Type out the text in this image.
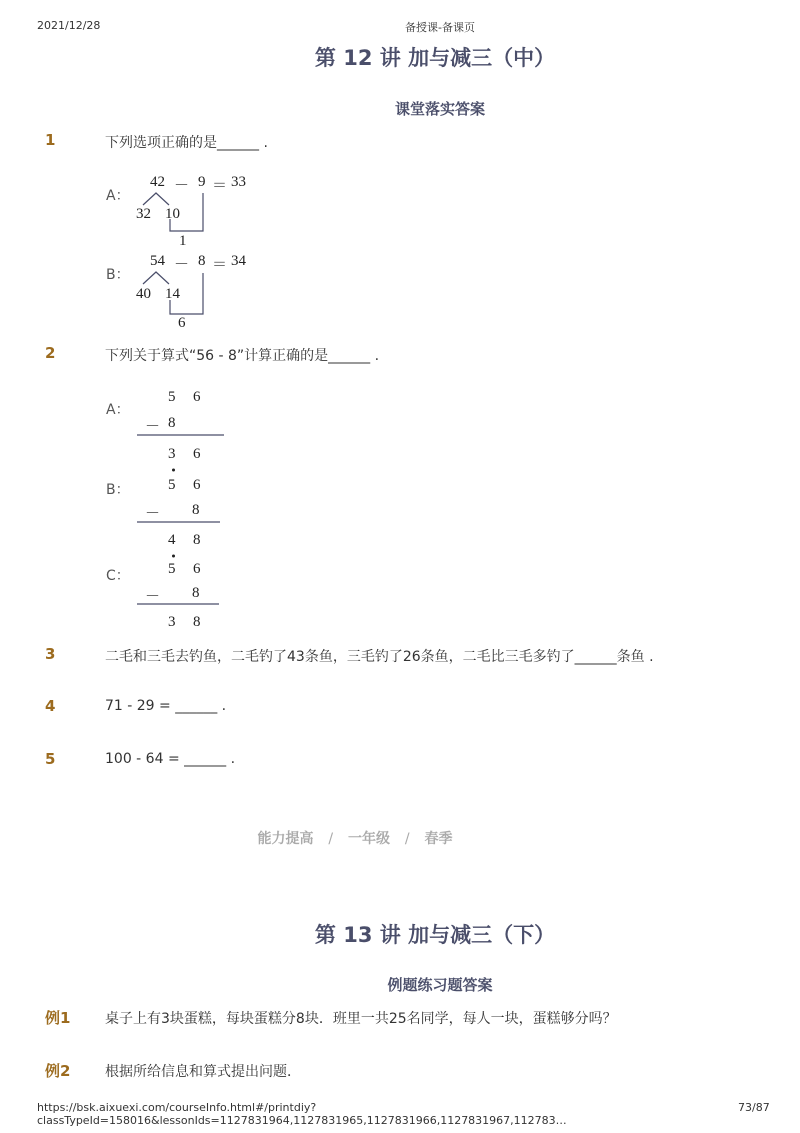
2021/12/28	备授课-备课页
第 12 讲 加与减三（中）
课堂落实答案
1	下列选项正确的是______ .
A：
42 － 9 ＝ 33
32 10
1
B：
54 － 8 ＝ 34
40 14
6
2	下列关于算式“56 - 8”计算正确的是______ .
A：
5 6
－ 8
3 6
B：	5 6
－ 8
4 8
C：	5 6
－ 8
3 8
3	二毛和三毛去钓鱼，二毛钓了43条鱼，三毛钓了26条鱼，二毛比三毛多钓了______条鱼 .
4	71 - 29 = ______ .
5	100 - 64 = ______ .
能力提高 / 一年级 / 春季
第 13 讲 加与减三（下）
例题练习题答案
例1 桌子上有3块蛋糕，每块蛋糕分8块．班里一共25名同学，每人一块，蛋糕够分吗？
例2 根据所给信息和算式提出问题．
https://bsk.aixuexi.com/courseInfo.html#/printdiy?classTypeId=158016&lessonIds=1127831964,1127831965,1127831966,1127831967,112783…
73/87
